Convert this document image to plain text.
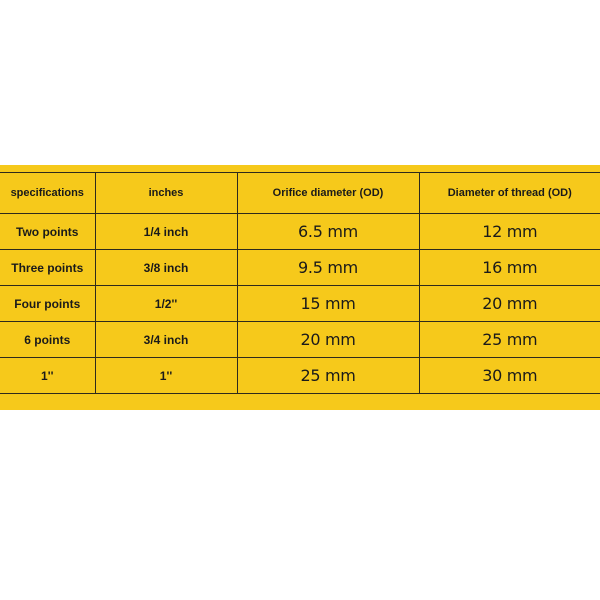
specifications	inches	Orifice diameter (OD)	Diameter of thread (OD)
Two points	1/4 inch	6.5 mm	12 mm
Three points	3/8 inch	9.5 mm	16 mm
Four points	1/2''	15 mm	20 mm
6 points	3/4 inch	20 mm	25 mm
1''	1''	25 mm	30 mm
